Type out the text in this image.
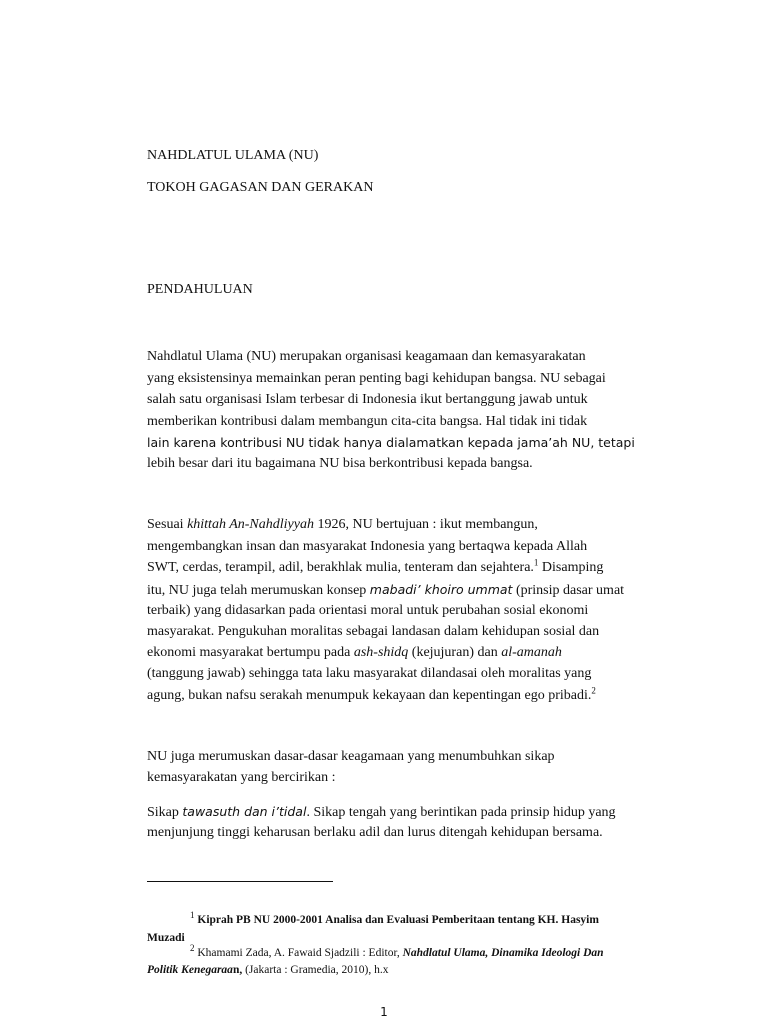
NAHDLATUL ULAMA (NU)
TOKOH GAGASAN DAN GERAKAN
PENDAHULUAN
Nahdlatul Ulama (NU) merupakan organisasi keagamaan dan kemasyarakatan
yang eksistensinya memainkan peran penting bagi kehidupan bangsa. NU sebagai
salah satu organisasi Islam terbesar di Indonesia ikut bertanggung jawab untuk
memberikan kontribusi dalam membangun cita-cita bangsa. Hal tidak ini tidak
lain karena kontribusi NU tidak hanya dialamatkan kepada jama’ah NU, tetapi
lebih besar dari itu bagaimana NU bisa berkontribusi kepada bangsa.
Sesuai khittah An-Nahdliyyah 1926, NU bertujuan : ikut membangun,
mengembangkan insan dan masyarakat Indonesia yang bertaqwa kepada Allah
SWT, cerdas, terampil, adil, berakhlak mulia, tenteram dan sejahtera.$^1$ Disamping
itu, NU juga telah merumuskan konsep mabadi’ khoiro ummat (prinsip dasar umat
terbaik) yang didasarkan pada orientasi moral untuk perubahan sosial ekonomi
masyarakat. Pengukuhan moralitas sebagai landasan dalam kehidupan sosial dan
ekonomi masyarakat bertumpu pada ash-shidq (kejujuran) dan al-amanah
(tanggung jawab) sehingga tata laku masyarakat dilandasai oleh moralitas yang
agung, bukan nafsu serakah menumpuk kekayaan dan kepentingan ego pribadi.$^2$
NU juga merumuskan dasar-dasar keagamaan yang menumbuhkan sikap
kemasyarakatan yang bercirikan :
Sikap tawasuth dan i’tidal. Sikap tengah yang berintikan pada prinsip hidup yang
menjunjung tinggi keharusan berlaku adil dan lurus ditengah kehidupan bersama.
$^1$ Kiprah PB NU 2000-2001 Analisa dan Evaluasi Pemberitaan tentang KH. Hasyim
Muzadi
$^2$ Khamami Zada, A. Fawaid Sjadzili : Editor, Nahdlatul Ulama, Dinamika Ideologi Dan
Politik Kenegaraan, (Jakarta : Gramedia, 2010), h.x
1
